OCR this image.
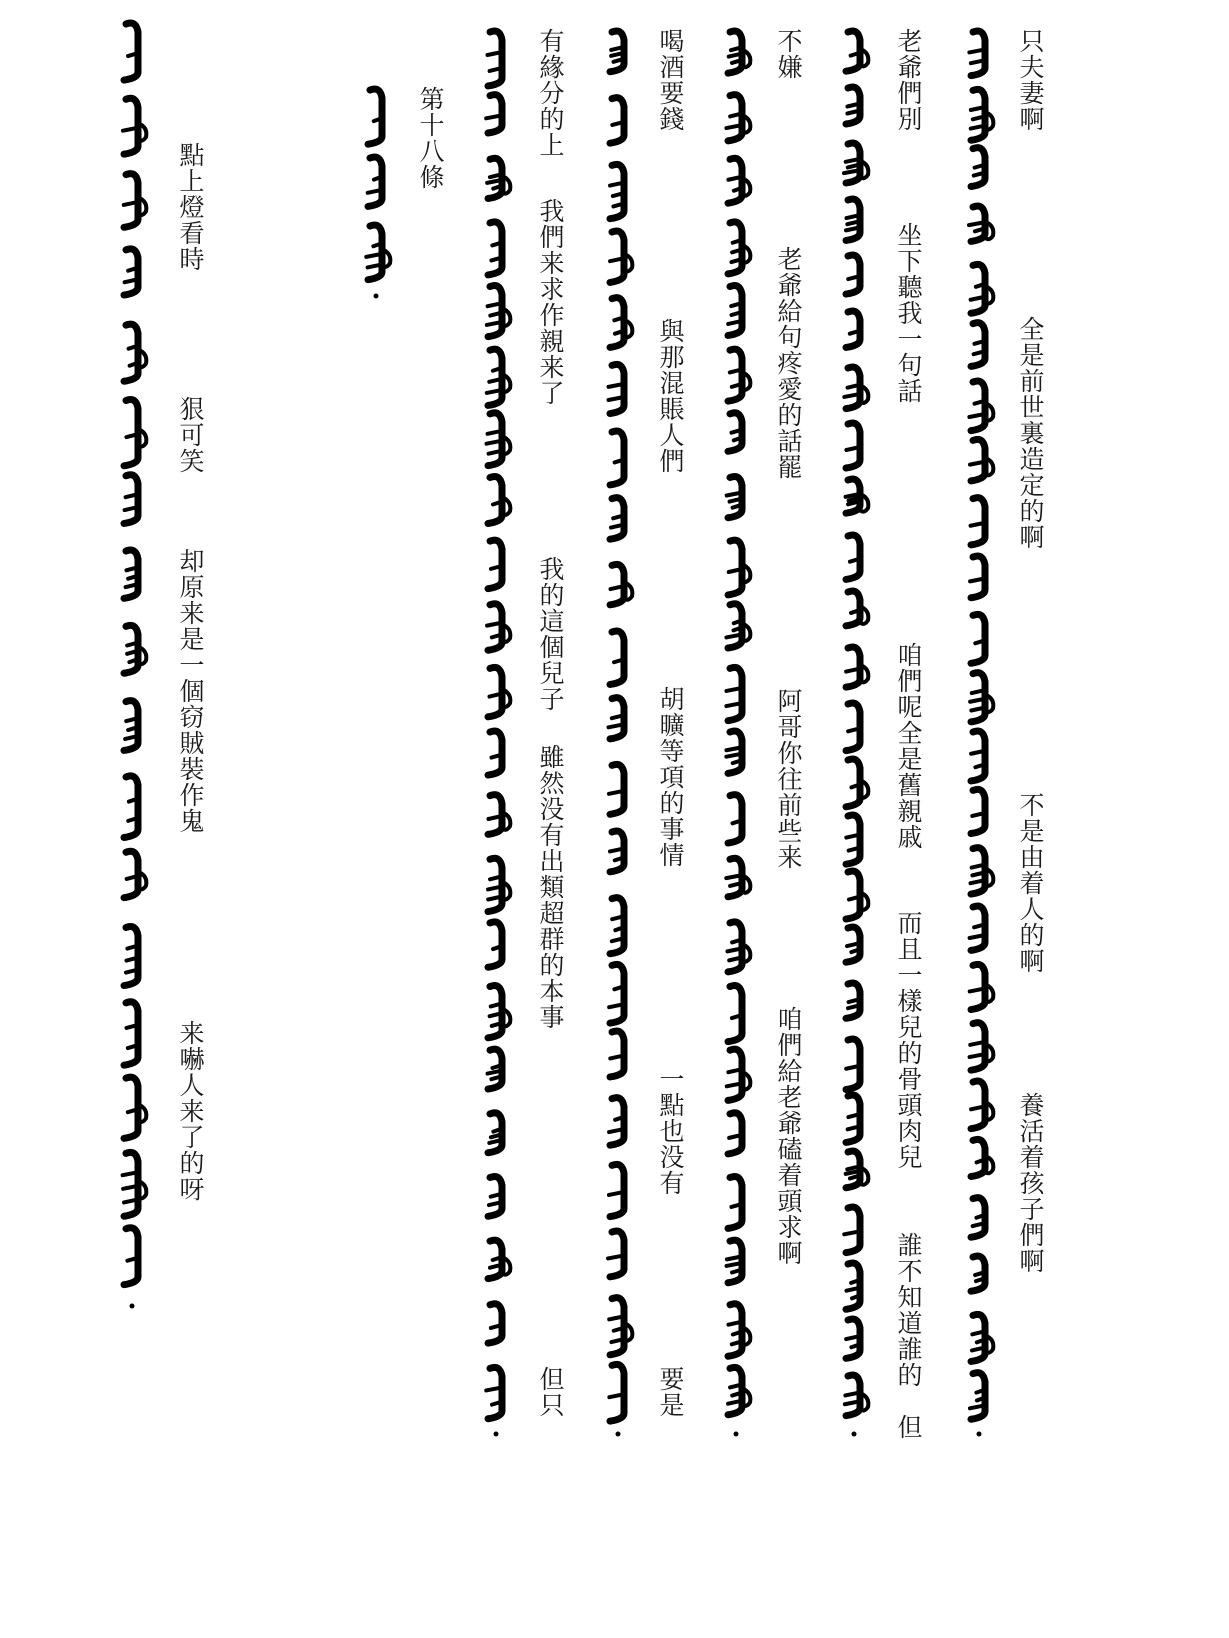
只夫妻啊
全是前世裏造定的啊
不是由着人的啊
養活着孩子們啊
老爺們別
坐下聽我一句話
咱們呢全是舊親戚
而且一樣兒的骨頭肉兒
誰不知道誰的
但
不嫌
老爺給句疼愛的話罷
阿哥你往前些来
咱們給老爺磕着頭求啊
喝酒要錢
與那混賬人們
胡曠等項的事情
一點也没有
要是
有緣分的上
我們来求作親来了
我的這個兒子
雖然没有出類超群的本事
但只
第十八條
點上燈看時
狠可笑
却原来是一個窃賊裝作鬼
来嚇人来了的呀
